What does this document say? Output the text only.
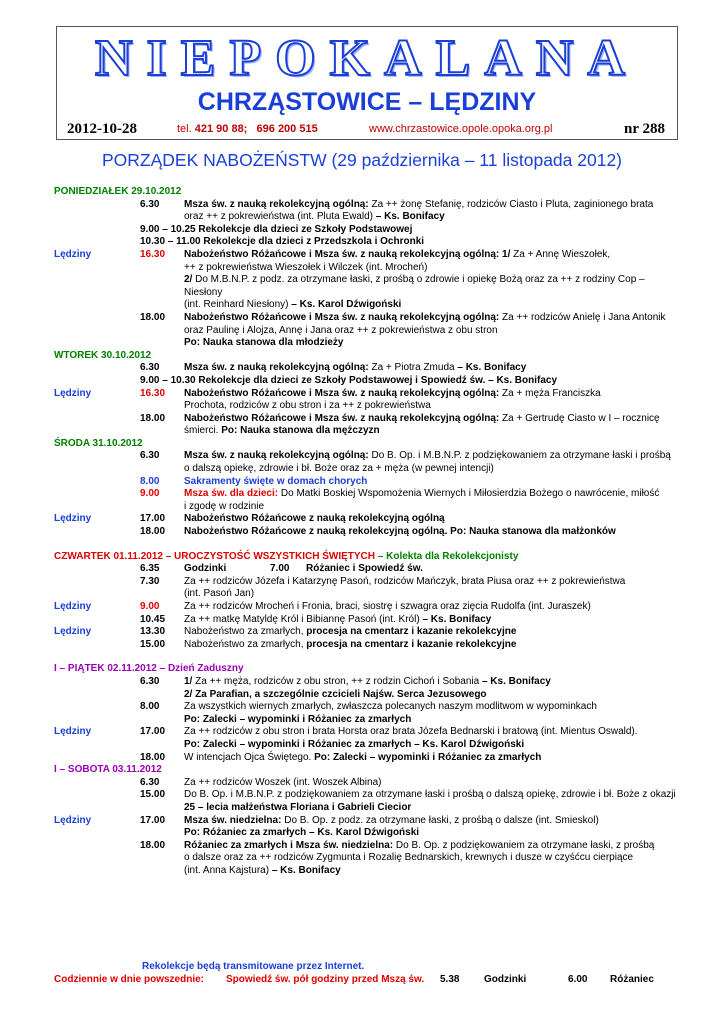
NIEPOKALANA
CHRZĄSTOWICE – LĘDZINY
2012-10-28	tel. 421 90 88; 696 200 515	www.chrzastowice.opole.opoka.org.pl	nr 288
PORZĄDEK NABOŻEŃSTW (29 października – 11 listopada 2012)
PONIEDZIAŁEK 29.10.2012
6.30	Msza św. z nauką rekolekcyjną ogólną: Za ++ żonę Stefanię, rodziców Ciasto i Pluta, zaginionego brata
oraz ++ z pokrewieństwa (int. Pluta Ewald) – Ks. Bonifacy
9.00 – 10.25 Rekolekcje dla dzieci ze Szkoły Podstawowej
10.30 – 11.00 Rekolekcje dla dzieci z Przedszkola i Ochronki
Lędziny	16.30	Nabożeństwo Różańcowe i Msza św. z nauką rekolekcyjną ogólną: 1/ Za + Annę Wieszołek,
++ z pokrewieństwa Wieszołek i Wilczek (int. Mrocheń)
2/ Do M.B.N.P. z podz. za otrzymane łaski, z prośbą o zdrowie i opiekę Bożą oraz za ++ z rodziny Cop – Niesłony
(int. Reinhard Niesłony) – Ks. Karol Dźwigoński
18.00	Nabożeństwo Różańcowe i Msza św. z nauką rekolekcyjną ogólną: Za ++ rodziców Anielę i Jana Antonik
oraz Paulinę i Alojza, Annę i Jana oraz ++ z pokrewieństwa z obu stron
Po: Nauka stanowa dla młodzieży
WTOREK 30.10.2012
6.30	Msza św. z nauką rekolekcyjną ogólną: Za + Piotra Zmuda – Ks. Bonifacy
9.00 – 10.30 Rekolekcje dla dzieci ze Szkoły Podstawowej i Spowiedź św. – Ks. Bonifacy
Lędziny	16.30	Nabożeństwo Różańcowe i Msza św. z nauką rekolekcyjną ogólną: Za + męża Franciszka
Prochota, rodziców z obu stron i za ++ z pokrewieństwa
18.00	Nabożeństwo Różańcowe i Msza św. z nauką rekolekcyjną ogólną: Za + Gertrudę Ciasto w I – rocznicę
śmierci. Po: Nauka stanowa dla mężczyzn
ŚRODA 31.10.2012
6.30	Msza św. z nauką rekolekcyjną ogólną: Do B. Op. i M.B.N.P. z podziękowaniem za otrzymane łaski i prośbą
o dalszą opiekę, zdrowie i bł. Boże oraz za + męża (w pewnej intencji)
8.00	Sakramenty święte w domach chorych
9.00	Msza św. dla dzieci: Do Matki Boskiej Wspomożenia Wiernych i Miłosierdzia Bożego o nawrócenie, miłość
i zgodę w rodzinie
Lędziny	17.00	Nabożeństwo Różańcowe z nauką rekolekcyjną ogólną
18.00	Nabożeństwo Różańcowe z nauką rekolekcyjną ogólną. Po: Nauka stanowa dla małżonków
CZWARTEK 01.11.2012 – UROCZYSTOŚĆ WSZYSTKICH ŚWIĘTYCH – Kolekta dla Rekolekcjonisty
6.35	Godzinki	7.00 Różaniec i Spowiedź św.
7.30	Za ++ rodziców Józefa i Katarzynę Pasoń, rodziców Mańczyk, brata Piusa oraz ++ z pokrewieństwa
(int. Pasoń Jan)
Lędziny	9.00	Za ++ rodziców Mrocheń i Fronia, braci, siostrę i szwagra oraz zięcia Rudolfa (int. Juraszek)
10.45	Za ++ matkę Matyldę Król i Bibiannę Pasoń (int. Król) – Ks. Bonifacy
Lędziny	13.30	Nabożeństwo za zmarłych, procesja na cmentarz i kazanie rekolekcyjne
15.00	Nabożeństwo za zmarłych, procesja na cmentarz i kazanie rekolekcyjne
I – PIĄTEK 02.11.2012 – Dzień Zaduszny
6.30	1/ Za ++ męża, rodziców z obu stron, ++ z rodzin Cichoń i Sobania – Ks. Bonifacy
2/ Za Parafian, a szczególnie czcicieli Najśw. Serca Jezusowego
8.00	Za wszystkich wiernych zmarłych, zwłaszcza polecanych naszym modlitwom w wypominkach
Po: Zalecki – wypominki i Różaniec za zmarłych
Lędziny	17.00	Za ++ rodziców z obu stron i brata Horsta oraz brata Józefa Bednarski i bratową (int. Mientus Oswald).
Po: Zalecki – wypominki i Różaniec za zmarłych – Ks. Karol Dźwigoński
18.00	W intencjach Ojca Świętego. Po: Zalecki – wypominki i Różaniec za zmarłych
I – SOBOTA 03.11.2012
6.30	Za ++ rodziców Woszek (int. Woszek Albina)
15.00	Do B. Op. i M.B.N.P. z podziękowaniem za otrzymane łaski i prośbą o dalszą opiekę, zdrowie i bł. Boże z okazji
25 – lecia małżeństwa Floriana i Gabrieli Ciecior
Lędziny	17.00	Msza św. niedzielna: Do B. Op. z podz. za otrzymane łaski, z prośbą o dalsze (int. Smieskol)
Po: Różaniec za zmarłych – Ks. Karol Dźwigoński
18.00	Różaniec za zmarłych i Msza św. niedzielna: Do B. Op. z podziękowaniem za otrzymane łaski, z prośbą
o dalsze oraz za ++ rodziców Zygmunta i Rozalię Bednarskich, krewnych i dusze w czyśćcu cierpiące
(int. Anna Kajstura) – Ks. Bonifacy
Rekolekcje będą transmitowane przez Internet.
Codziennie w dnie powszednie: Spowiedź św. pół godziny przed Mszą św. 5.38 Godzinki	6.00 Różaniec
